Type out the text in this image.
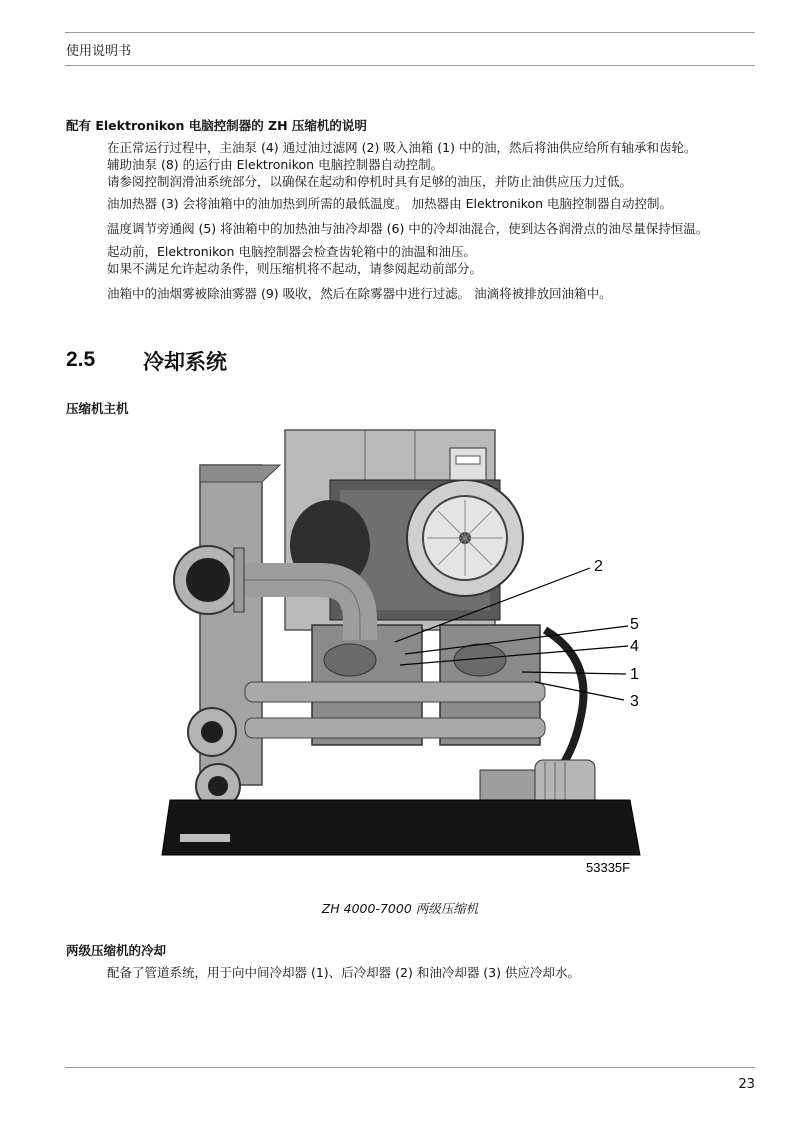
使用说明书
配有 Elektronikon 电脑控制器的 ZH 压缩机的说明
在正常运行过程中，主油泵 (4) 通过油过滤网 (2) 吸入油箱 (1) 中的油，然后将油供应给所有轴承和齿轮。
辅助油泵 (8) 的运行由 Elektronikon 电脑控制器自动控制。
请参阅控制润滑油系统部分，以确保在起动和停机时具有足够的油压，并防止油供应压力过低。
油加热器 (3) 会将油箱中的油加热到所需的最低温度。 加热器由 Elektronikon 电脑控制器自动控制。
温度调节旁通阀 (5) 将油箱中的加热油与油冷却器 (6) 中的冷却油混合，使到达各润滑点的油尽量保持恒温。
起动前，Elektronikon 电脑控制器会检查齿轮箱中的油温和油压。
如果不满足允许起动条件，则压缩机将不起动，请参阅起动前部分。
油箱中的油烟雾被除油雾器 (9) 吸收，然后在除雾器中进行过滤。 油滴将被排放回油箱中。
2.5 冷却系统
压缩机主机
2
5
4
1
3
53335F
ZH 4000-7000 两级压缩机
两级压缩机的冷却
配备了管道系统，用于向中间冷却器 (1)、后冷却器 (2) 和油冷却器 (3) 供应冷却水。
23
